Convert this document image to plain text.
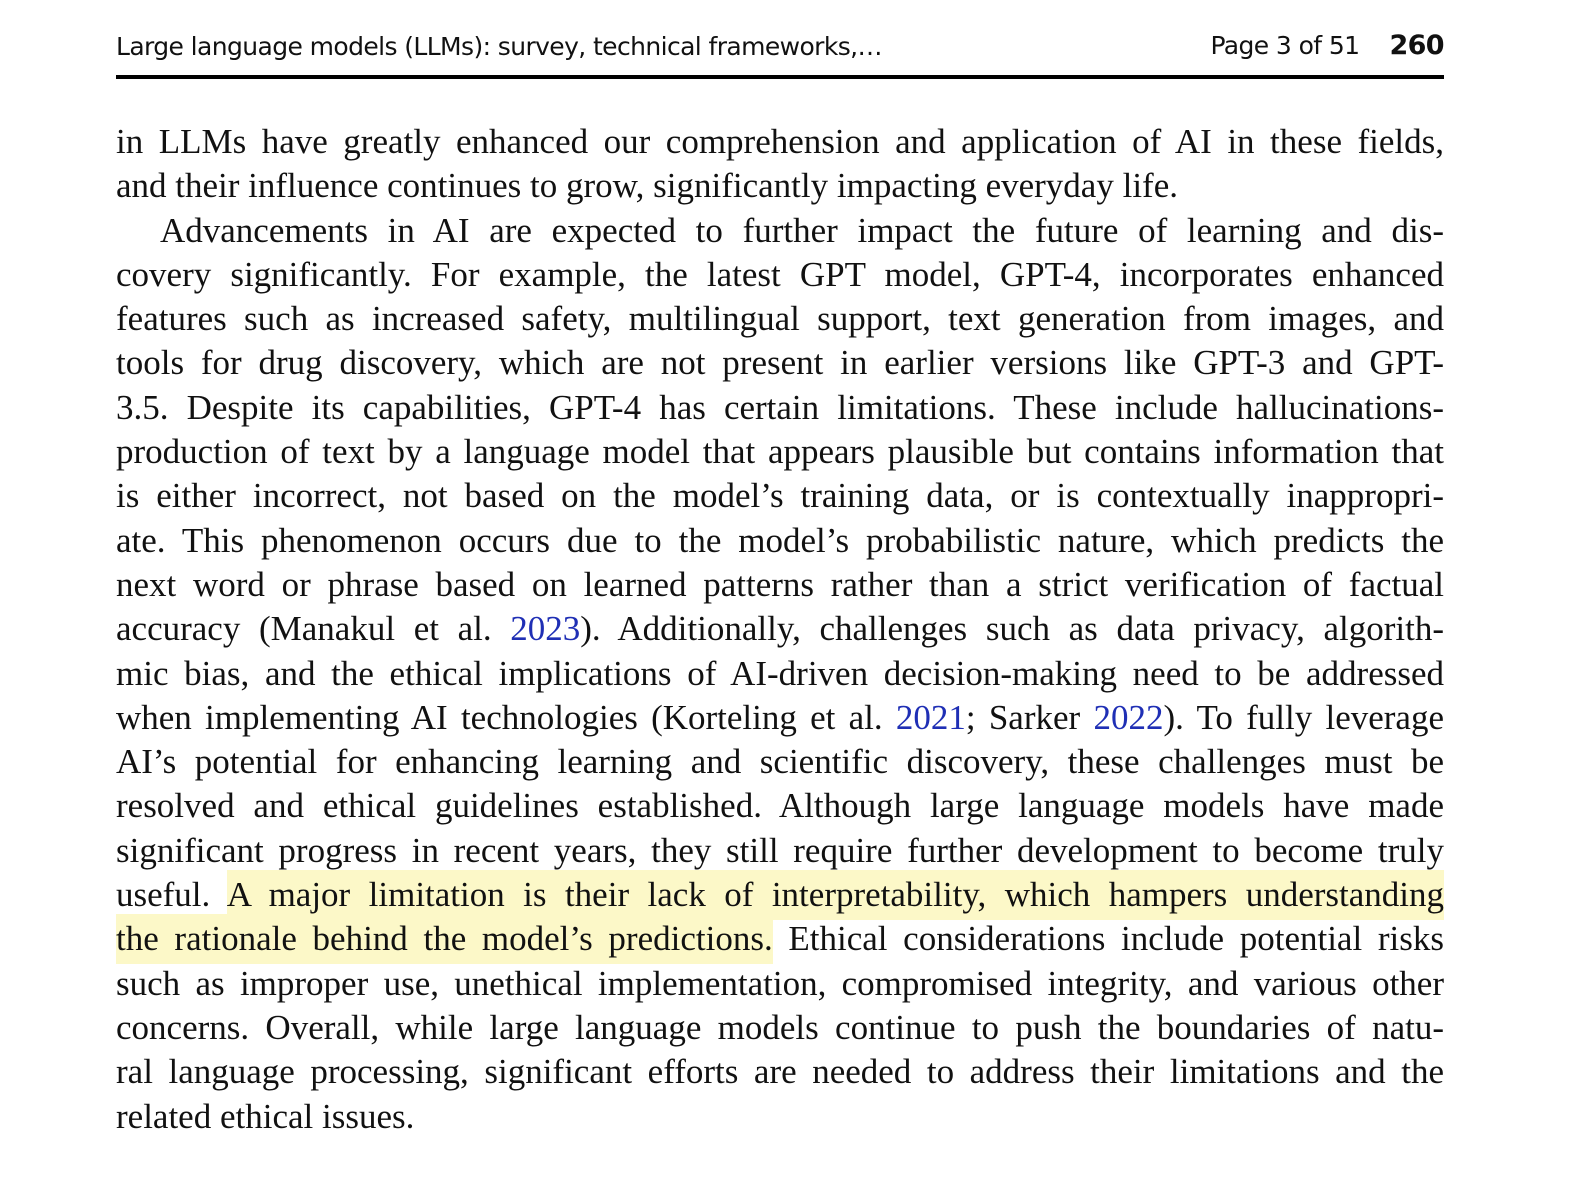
Large language models (LLMs): survey, technical frameworks,…	Page 3 of 51 260
in LLMs have greatly enhanced our comprehension and application of AI in these fields,
and their influence continues to grow, significantly impacting everyday life.
Advancements in AI are expected to further impact the future of learning and dis-
covery significantly. For example, the latest GPT model, GPT-4, incorporates enhanced
features such as increased safety, multilingual support, text generation from images, and
tools for drug discovery, which are not present in earlier versions like GPT-3 and GPT-
3.5. Despite its capabilities, GPT-4 has certain limitations. These include hallucinations-
production of text by a language model that appears plausible but contains information that
is either incorrect, not based on the model’s training data, or is contextually inappropri-
ate. This phenomenon occurs due to the model’s probabilistic nature, which predicts the
next word or phrase based on learned patterns rather than a strict verification of factual
accuracy (Manakul et al. 2023). Additionally, challenges such as data privacy, algorith-
mic bias, and the ethical implications of AI-driven decision-making need to be addressed
when implementing AI technologies (Korteling et al. 2021; Sarker 2022). To fully leverage
AI’s potential for enhancing learning and scientific discovery, these challenges must be
resolved and ethical guidelines established. Although large language models have made
significant progress in recent years, they still require further development to become truly
useful. A major limitation is their lack of interpretability, which hampers understanding
the rationale behind the model’s predictions. Ethical considerations include potential risks
such as improper use, unethical implementation, compromised integrity, and various other
concerns. Overall, while large language models continue to push the boundaries of natu-
ral language processing, significant efforts are needed to address their limitations and the
related ethical issues.
